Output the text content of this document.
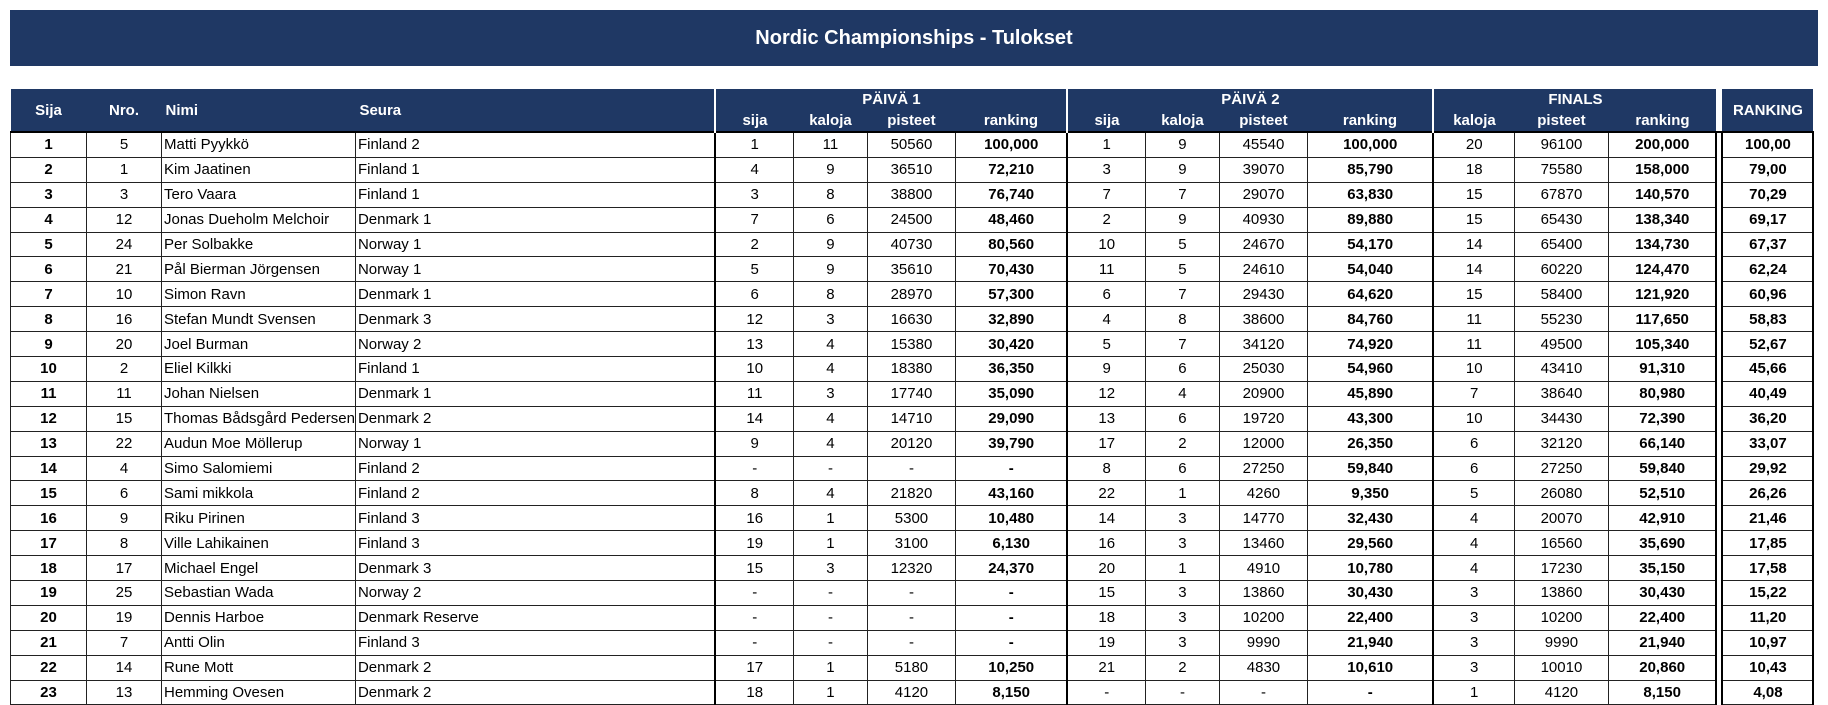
Nordic Championships - Tulokset
Sija	Nro.	Nimi	Seura	PÄIVÄ 1				PÄIVÄ 2				FINALS				RANKING
				sija	kaloja	pisteet	ranking	sija	kaloja	pisteet	ranking	kaloja	pisteet	ranking		
1	5	Matti Pyykkö	Finland 2	1	11	50560	100,000	1	9	45540	100,000	20	96100	200,000		100,00
2	1	Kim Jaatinen	Finland 1	4	9	36510	72,210	3	9	39070	85,790	18	75580	158,000		79,00
3	3	Tero Vaara	Finland 1	3	8	38800	76,740	7	7	29070	63,830	15	67870	140,570		70,29
4	12	Jonas Dueholm Melchoir	Denmark 1	7	6	24500	48,460	2	9	40930	89,880	15	65430	138,340		69,17
5	24	Per Solbakke	Norway 1	2	9	40730	80,560	10	5	24670	54,170	14	65400	134,730		67,37
6	21	Pål Bierman Jörgensen	Norway 1	5	9	35610	70,430	11	5	24610	54,040	14	60220	124,470		62,24
7	10	Simon Ravn	Denmark 1	6	8	28970	57,300	6	7	29430	64,620	15	58400	121,920		60,96
8	16	Stefan Mundt Svensen	Denmark 3	12	3	16630	32,890	4	8	38600	84,760	11	55230	117,650		58,83
9	20	Joel Burman	Norway 2	13	4	15380	30,420	5	7	34120	74,920	11	49500	105,340		52,67
10	2	Eliel Kilkki	Finland 1	10	4	18380	36,350	9	6	25030	54,960	10	43410	91,310		45,66
11	11	Johan Nielsen	Denmark 1	11	3	17740	35,090	12	4	20900	45,890	7	38640	80,980		40,49
12	15	Thomas Bådsgård Pedersen	Denmark 2	14	4	14710	29,090	13	6	19720	43,300	10	34430	72,390		36,20
13	22	Audun Moe Möllerup	Norway 1	9	4	20120	39,790	17	2	12000	26,350	6	32120	66,140		33,07
14	4	Simo Salomiemi	Finland 2	-	-	-	-	8	6	27250	59,840	6	27250	59,840		29,92
15	6	Sami mikkola	Finland 2	8	4	21820	43,160	22	1	4260	9,350	5	26080	52,510		26,26
16	9	Riku Pirinen	Finland 3	16	1	5300	10,480	14	3	14770	32,430	4	20070	42,910		21,46
17	8	Ville Lahikainen	Finland 3	19	1	3100	6,130	16	3	13460	29,560	4	16560	35,690		17,85
18	17	Michael Engel	Denmark 3	15	3	12320	24,370	20	1	4910	10,780	4	17230	35,150		17,58
19	25	Sebastian Wada	Norway 2	-	-	-	-	15	3	13860	30,430	3	13860	30,430		15,22
20	19	Dennis Harboe	Denmark Reserve	-	-	-	-	18	3	10200	22,400	3	10200	22,400		11,20
21	7	Antti Olin	Finland 3	-	-	-	-	19	3	9990	21,940	3	9990	21,940		10,97
22	14	Rune Mott	Denmark 2	17	1	5180	10,250	21	2	4830	10,610	3	10010	20,860		10,43
23	13	Hemming Ovesen	Denmark 2	18	1	4120	8,150	-	-	-	-	1	4120	8,150		4,08
